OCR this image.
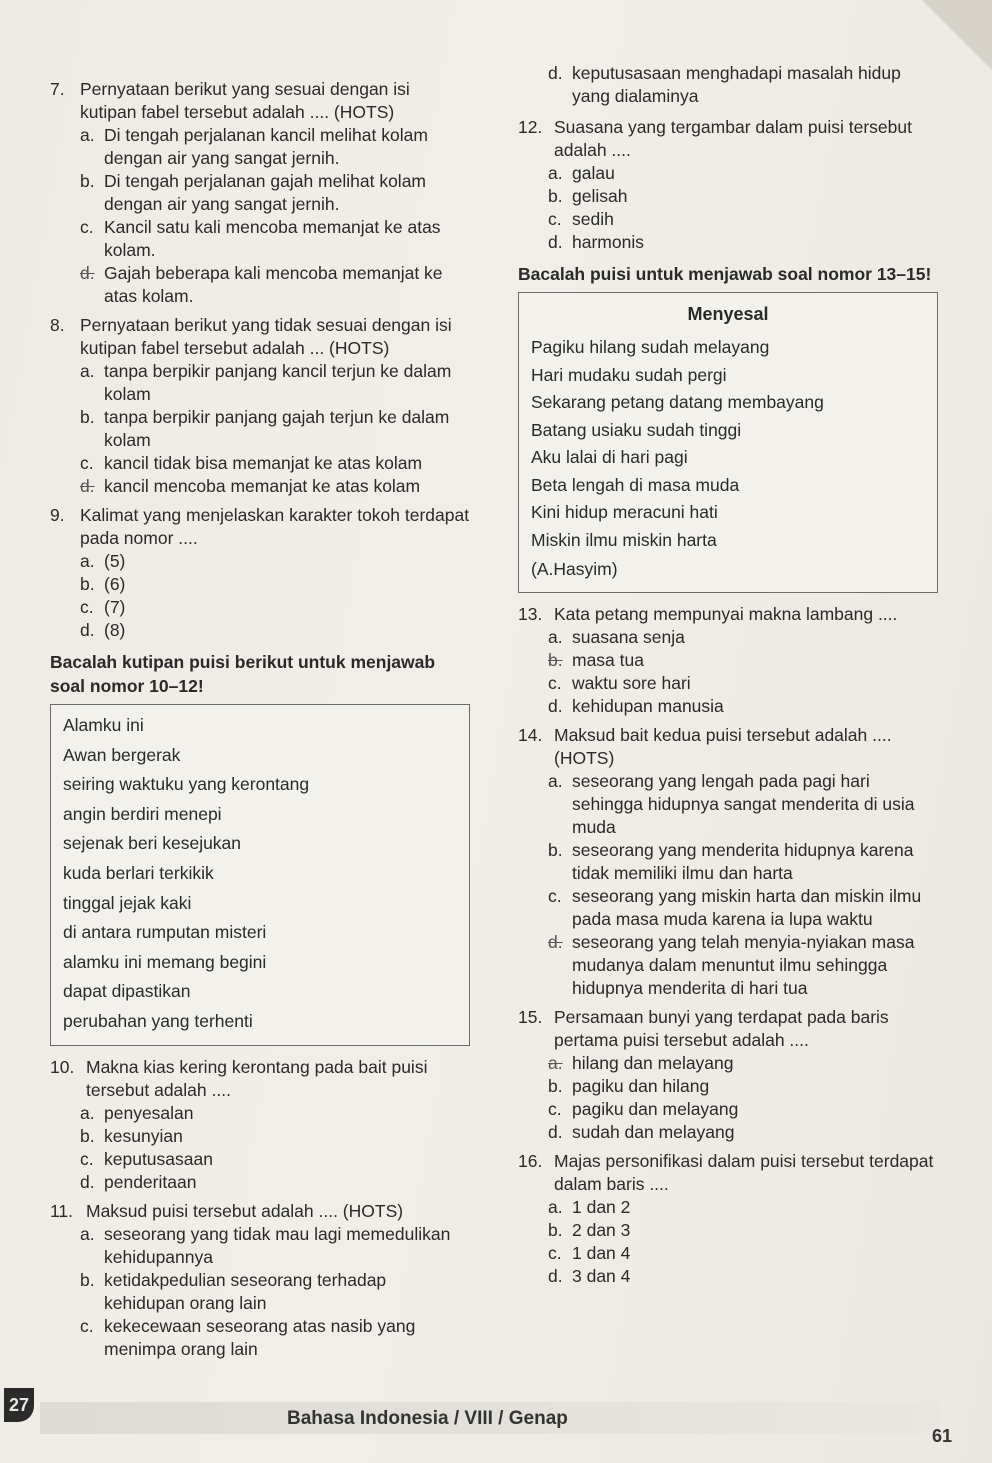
7. Pernyataan berikut yang sesuai dengan isi kutipan fabel tersebut adalah .... (HOTS)
a. Di tengah perjalanan kancil melihat kolam dengan air yang sangat jernih.
b. Di tengah perjalanan gajah melihat kolam dengan air yang sangat jernih.
c. Kancil satu kali mencoba memanjat ke atas kolam.
d. Gajah beberapa kali mencoba memanjat ke atas kolam.
8. Pernyataan berikut yang tidak sesuai dengan isi kutipan fabel tersebut adalah ... (HOTS)
a. tanpa berpikir panjang kancil terjun ke dalam kolam
b. tanpa berpikir panjang gajah terjun ke dalam kolam
c. kancil tidak bisa memanjat ke atas kolam
d. kancil mencoba memanjat ke atas kolam
9. Kalimat yang menjelaskan karakter tokoh terdapat pada nomor ....
a. (5)
b. (6)
c. (7)
d. (8)
Bacalah kutipan puisi berikut untuk menjawab soal nomor 10–12!

Alamku ini

Awan bergerak

seiring waktuku yang kerontang

angin berdiri menepi

sejenak beri kesejukan

kuda berlari terkikik

tinggal jejak kaki

di antara rumputan misteri

alamku ini memang begini

dapat dipastikan

perubahan yang terhenti

10. Makna kias kering kerontang pada bait puisi tersebut adalah ....
a. penyesalan
b. kesunyian
c. keputusasaan
d. penderitaan
11. Maksud puisi tersebut adalah .... (HOTS)
a. seseorang yang tidak mau lagi memedulikan kehidupannya
b. ketidakpedulian seseorang terhadap kehidupan orang lain
c. kekecewaan seseorang atas nasib yang menimpa orang lain
d. keputusasaan menghadapi masalah hidup yang dialaminya
12. Suasana yang tergambar dalam puisi tersebut adalah ....
a. galau
b. gelisah
c. sedih
d. harmonis
Bacalah puisi untuk menjawab soal nomor 13–15!
Menyesal

Pagiku hilang sudah melayang

Hari mudaku sudah pergi

Sekarang petang datang membayang

Batang usiaku sudah tinggi

Aku lalai di hari pagi

Beta lengah di masa muda

Kini hidup meracuni hati

Miskin ilmu miskin harta

(A.Hasyim)

13. Kata petang mempunyai makna lambang ....
a. suasana senja
b. masa tua
c. waktu sore hari
d. kehidupan manusia
14. Maksud bait kedua puisi tersebut adalah .... (HOTS)
a. seseorang yang lengah pada pagi hari sehingga hidupnya sangat menderita di usia muda
b. seseorang yang menderita hidupnya karena tidak memiliki ilmu dan harta
c. seseorang yang miskin harta dan miskin ilmu pada masa muda karena ia lupa waktu
d. seseorang yang telah menyia-nyiakan masa mudanya dalam menuntut ilmu sehingga hidupnya menderita di hari tua
15. Persamaan bunyi yang terdapat pada baris pertama puisi tersebut adalah ....
a. hilang dan melayang
b. pagiku dan hilang
c. pagiku dan melayang
d. sudah dan melayang
16. Majas personifikasi dalam puisi tersebut terdapat dalam baris ....
a. 1 dan 2
b. 2 dan 3
c. 1 dan 4
d. 3 dan 4
27
Bahasa Indonesia / VIII / Genap
61
